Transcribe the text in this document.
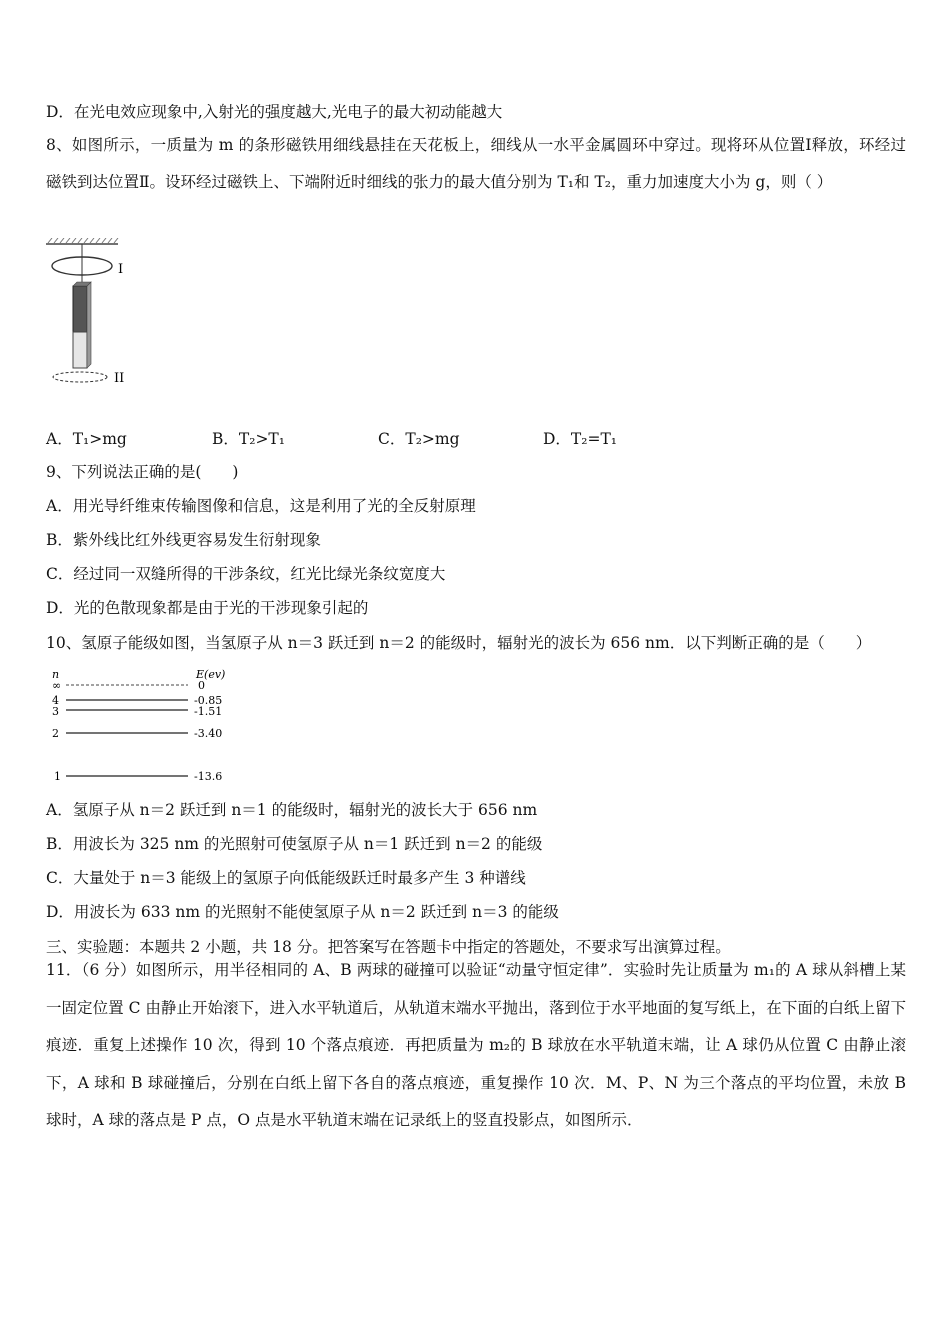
D．在光电效应现象中,入射光的强度越大,光电子的最大初动能越大
8、如图所示，一质量为 m 的条形磁铁用细线悬挂在天花板上，细线从一水平金属圆环中穿过。现将环从位置Ⅰ释放，环经过磁铁到达位置Ⅱ。设环经过磁铁上、下端附近时细线的张力的最大值分别为 T₁和 T₂，重力加速度大小为 g，则（ ）
I
II
A．T₁>mg	B．T₂>T₁	C．T₂>mg	D．T₂=T₁
9、下列说法正确的是(　　)
A．用光导纤维束传输图像和信息，这是利用了光的全反射原理
B．紫外线比红外线更容易发生衍射现象
C．经过同一双缝所得的干涉条纹，红光比绿光条纹宽度大
D．光的色散现象都是由于光的干涉现象引起的
10、氢原子能级如图，当氢原子从 n＝3 跃迁到 n＝2 的能级时，辐射光的波长为 656 nm．以下判断正确的是（　　）
n	E(ev)
∞	0
4	-0.85
3	-1.51
2	-3.40
1	-13.6
A．氢原子从 n＝2 跃迁到 n＝1 的能级时，辐射光的波长大于 656 nm
B．用波长为 325 nm 的光照射可使氢原子从 n＝1 跃迁到 n＝2 的能级
C．大量处于 n＝3 能级上的氢原子向低能级跃迁时最多产生 3 种谱线
D．用波长为 633 nm 的光照射不能使氢原子从 n＝2 跃迁到 n＝3 的能级
三、实验题：本题共 2 小题，共 18 分。把答案写在答题卡中指定的答题处，不要求写出演算过程。
11．（6 分）如图所示，用半径相同的 A、B 两球的碰撞可以验证“动量守恒定律”．实验时先让质量为 m₁的 A 球从斜槽上某一固定位置 C 由静止开始滚下，进入水平轨道后，从轨道末端水平抛出，落到位于水平地面的复写纸上，在下面的白纸上留下痕迹．重复上述操作 10 次，得到 10 个落点痕迹．再把质量为 m₂的 B 球放在水平轨道末端，让 A 球仍从位置 C 由静止滚下，A 球和 B 球碰撞后，分别在白纸上留下各自的落点痕迹，重复操作 10 次．M、P、N 为三个落点的平均位置，未放 B 球时，A 球的落点是 P 点，O 点是水平轨道末端在记录纸上的竖直投影点，如图所示．
